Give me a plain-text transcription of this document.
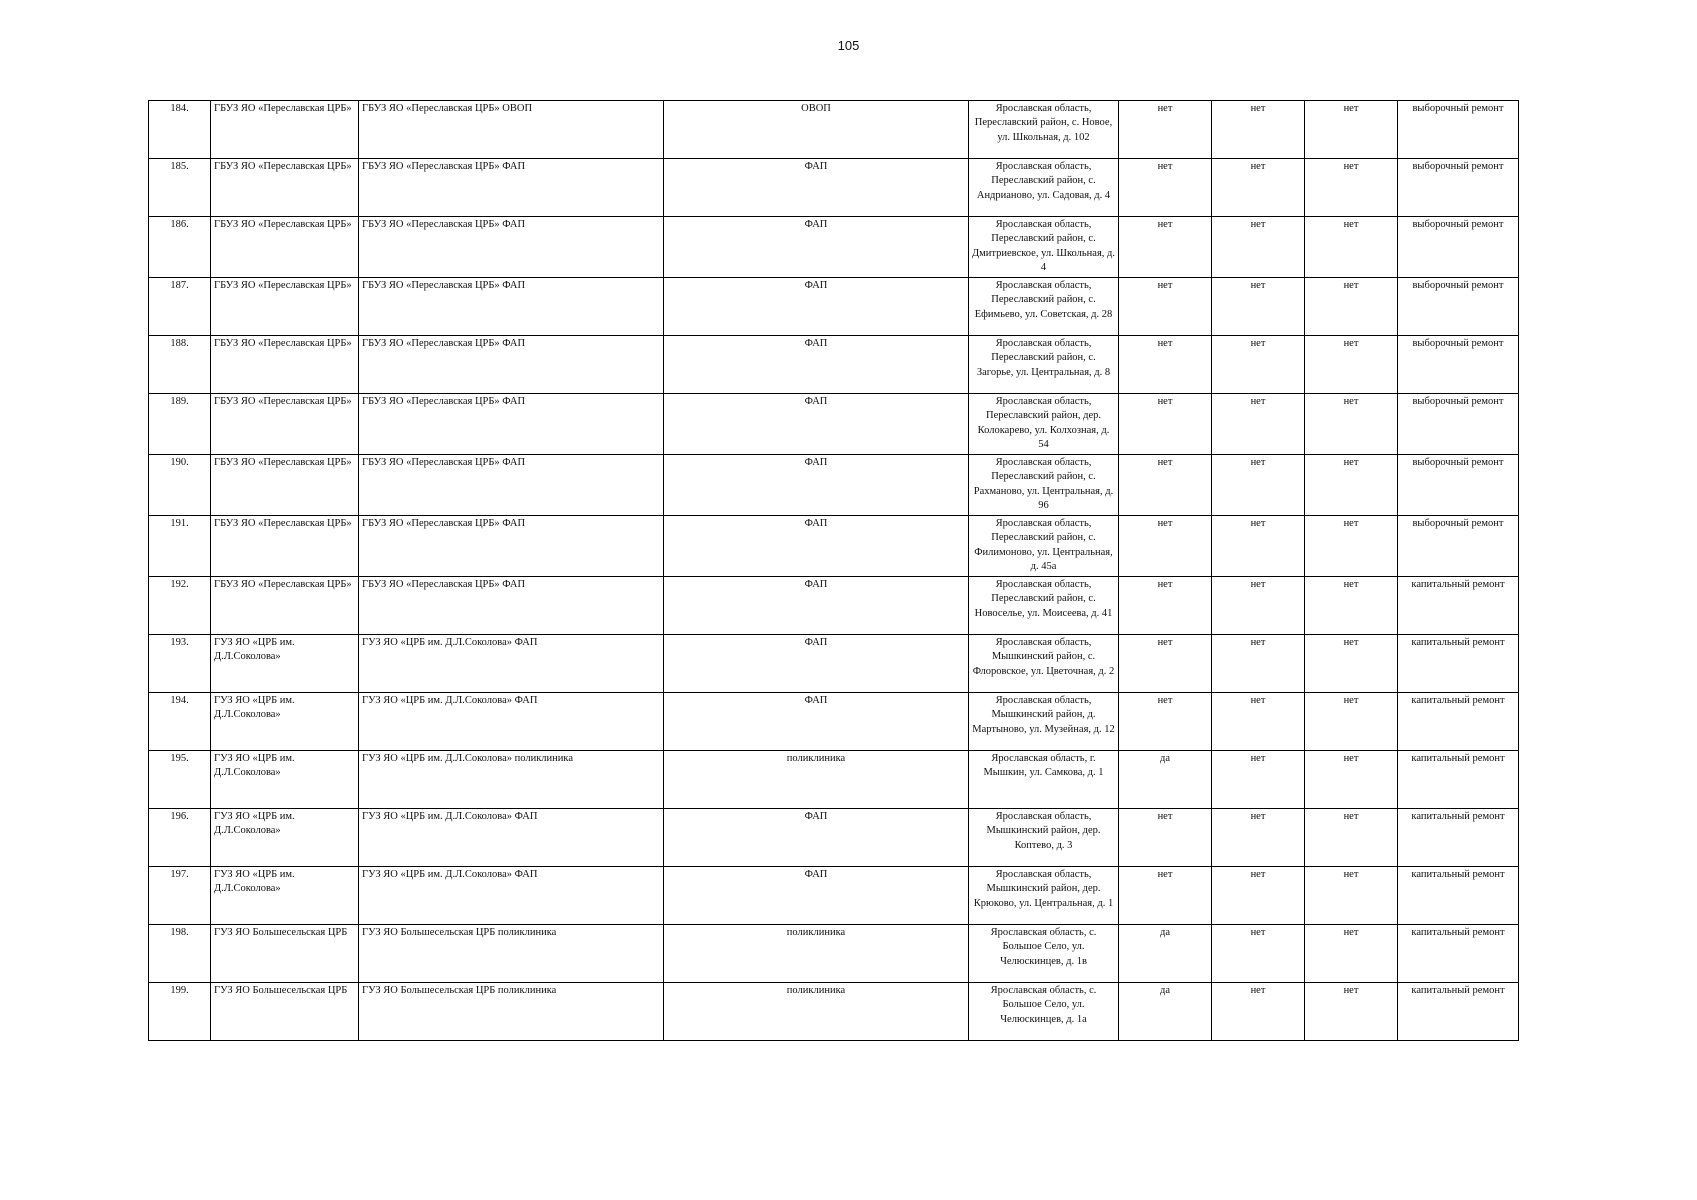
105
184.	ГБУЗ ЯО «Переславская ЦРБ»	ГБУЗ ЯО «Переславская ЦРБ» ОВОП	ОВОП	Ярославская область, Переславский район, с. Новое, ул. Школьная, д. 102	нет	нет	нет	выборочный ремонт
185.	ГБУЗ ЯО «Переславская ЦРБ»	ГБУЗ ЯО «Переславская ЦРБ» ФАП	ФАП	Ярославская область, Переславский район, с. Андрианово, ул. Садовая, д. 4	нет	нет	нет	выборочный ремонт
186.	ГБУЗ ЯО «Переславская ЦРБ»	ГБУЗ ЯО «Переславская ЦРБ» ФАП	ФАП	Ярославская область, Переславский район, с. Дмитриевское, ул. Школьная, д. 4	нет	нет	нет	выборочный ремонт
187.	ГБУЗ ЯО «Переславская ЦРБ»	ГБУЗ ЯО «Переславская ЦРБ» ФАП	ФАП	Ярославская область, Переславский район, с. Ефимьево, ул. Советская, д. 28	нет	нет	нет	выборочный ремонт
188.	ГБУЗ ЯО «Переславская ЦРБ»	ГБУЗ ЯО «Переславская ЦРБ» ФАП	ФАП	Ярославская область, Переславский район, с. Загорье, ул. Центральная, д. 8	нет	нет	нет	выборочный ремонт
189.	ГБУЗ ЯО «Переславская ЦРБ»	ГБУЗ ЯО «Переславская ЦРБ» ФАП	ФАП	Ярославская область, Переславский район, дер. Колокарево, ул. Колхозная, д. 54	нет	нет	нет	выборочный ремонт
190.	ГБУЗ ЯО «Переславская ЦРБ»	ГБУЗ ЯО «Переславская ЦРБ» ФАП	ФАП	Ярославская область, Переславский район, с. Рахманово, ул. Центральная, д. 96	нет	нет	нет	выборочный ремонт
191.	ГБУЗ ЯО «Переславская ЦРБ»	ГБУЗ ЯО «Переславская ЦРБ» ФАП	ФАП	Ярославская область, Переславский район, с. Филимоново, ул. Центральная, д. 45а	нет	нет	нет	выборочный ремонт
192.	ГБУЗ ЯО «Переславская ЦРБ»	ГБУЗ ЯО «Переславская ЦРБ» ФАП	ФАП	Ярославская область, Переславский район, с. Новоселье, ул. Моисеева, д. 41	нет	нет	нет	капитальный ремонт
193.	ГУЗ ЯО «ЦРБ им. Д.Л.Соколова»	ГУЗ ЯО «ЦРБ им. Д.Л.Соколова» ФАП	ФАП	Ярославская область, Мышкинский район, с. Флоровское, ул. Цветочная, д. 2	нет	нет	нет	капитальный ремонт
194.	ГУЗ ЯО «ЦРБ им. Д.Л.Соколова»	ГУЗ ЯО «ЦРБ им. Д.Л.Соколова» ФАП	ФАП	Ярославская область, Мышкинский район, д. Мартыново, ул. Музейная, д. 12	нет	нет	нет	капитальный ремонт
195.	ГУЗ ЯО «ЦРБ им. Д.Л.Соколова»	ГУЗ ЯО «ЦРБ им. Д.Л.Соколова» поликлиника	поликлиника	Ярославская область, г. Мышкин, ул. Самкова, д. 1	да	нет	нет	капитальный ремонт
196.	ГУЗ ЯО «ЦРБ им. Д.Л.Соколова»	ГУЗ ЯО «ЦРБ им. Д.Л.Соколова» ФАП	ФАП	Ярославская область, Мышкинский район, дер. Коптево, д. 3	нет	нет	нет	капитальный ремонт
197.	ГУЗ ЯО «ЦРБ им. Д.Л.Соколова»	ГУЗ ЯО «ЦРБ им. Д.Л.Соколова» ФАП	ФАП	Ярославская область, Мышкинский район, дер. Крюково, ул. Центральная, д. 1	нет	нет	нет	капитальный ремонт
198.	ГУЗ ЯО Большесельская ЦРБ	ГУЗ ЯО Большесельская ЦРБ поликлиника	поликлиника	Ярославская область, с. Большое Село, ул. Челюскинцев, д. 1в	да	нет	нет	капитальный ремонт
199.	ГУЗ ЯО Большесельская ЦРБ	ГУЗ ЯО Большесельская ЦРБ поликлиника	поликлиника	Ярославская область, с. Большое Село, ул. Челюскинцев, д. 1а	да	нет	нет	капитальный ремонт
